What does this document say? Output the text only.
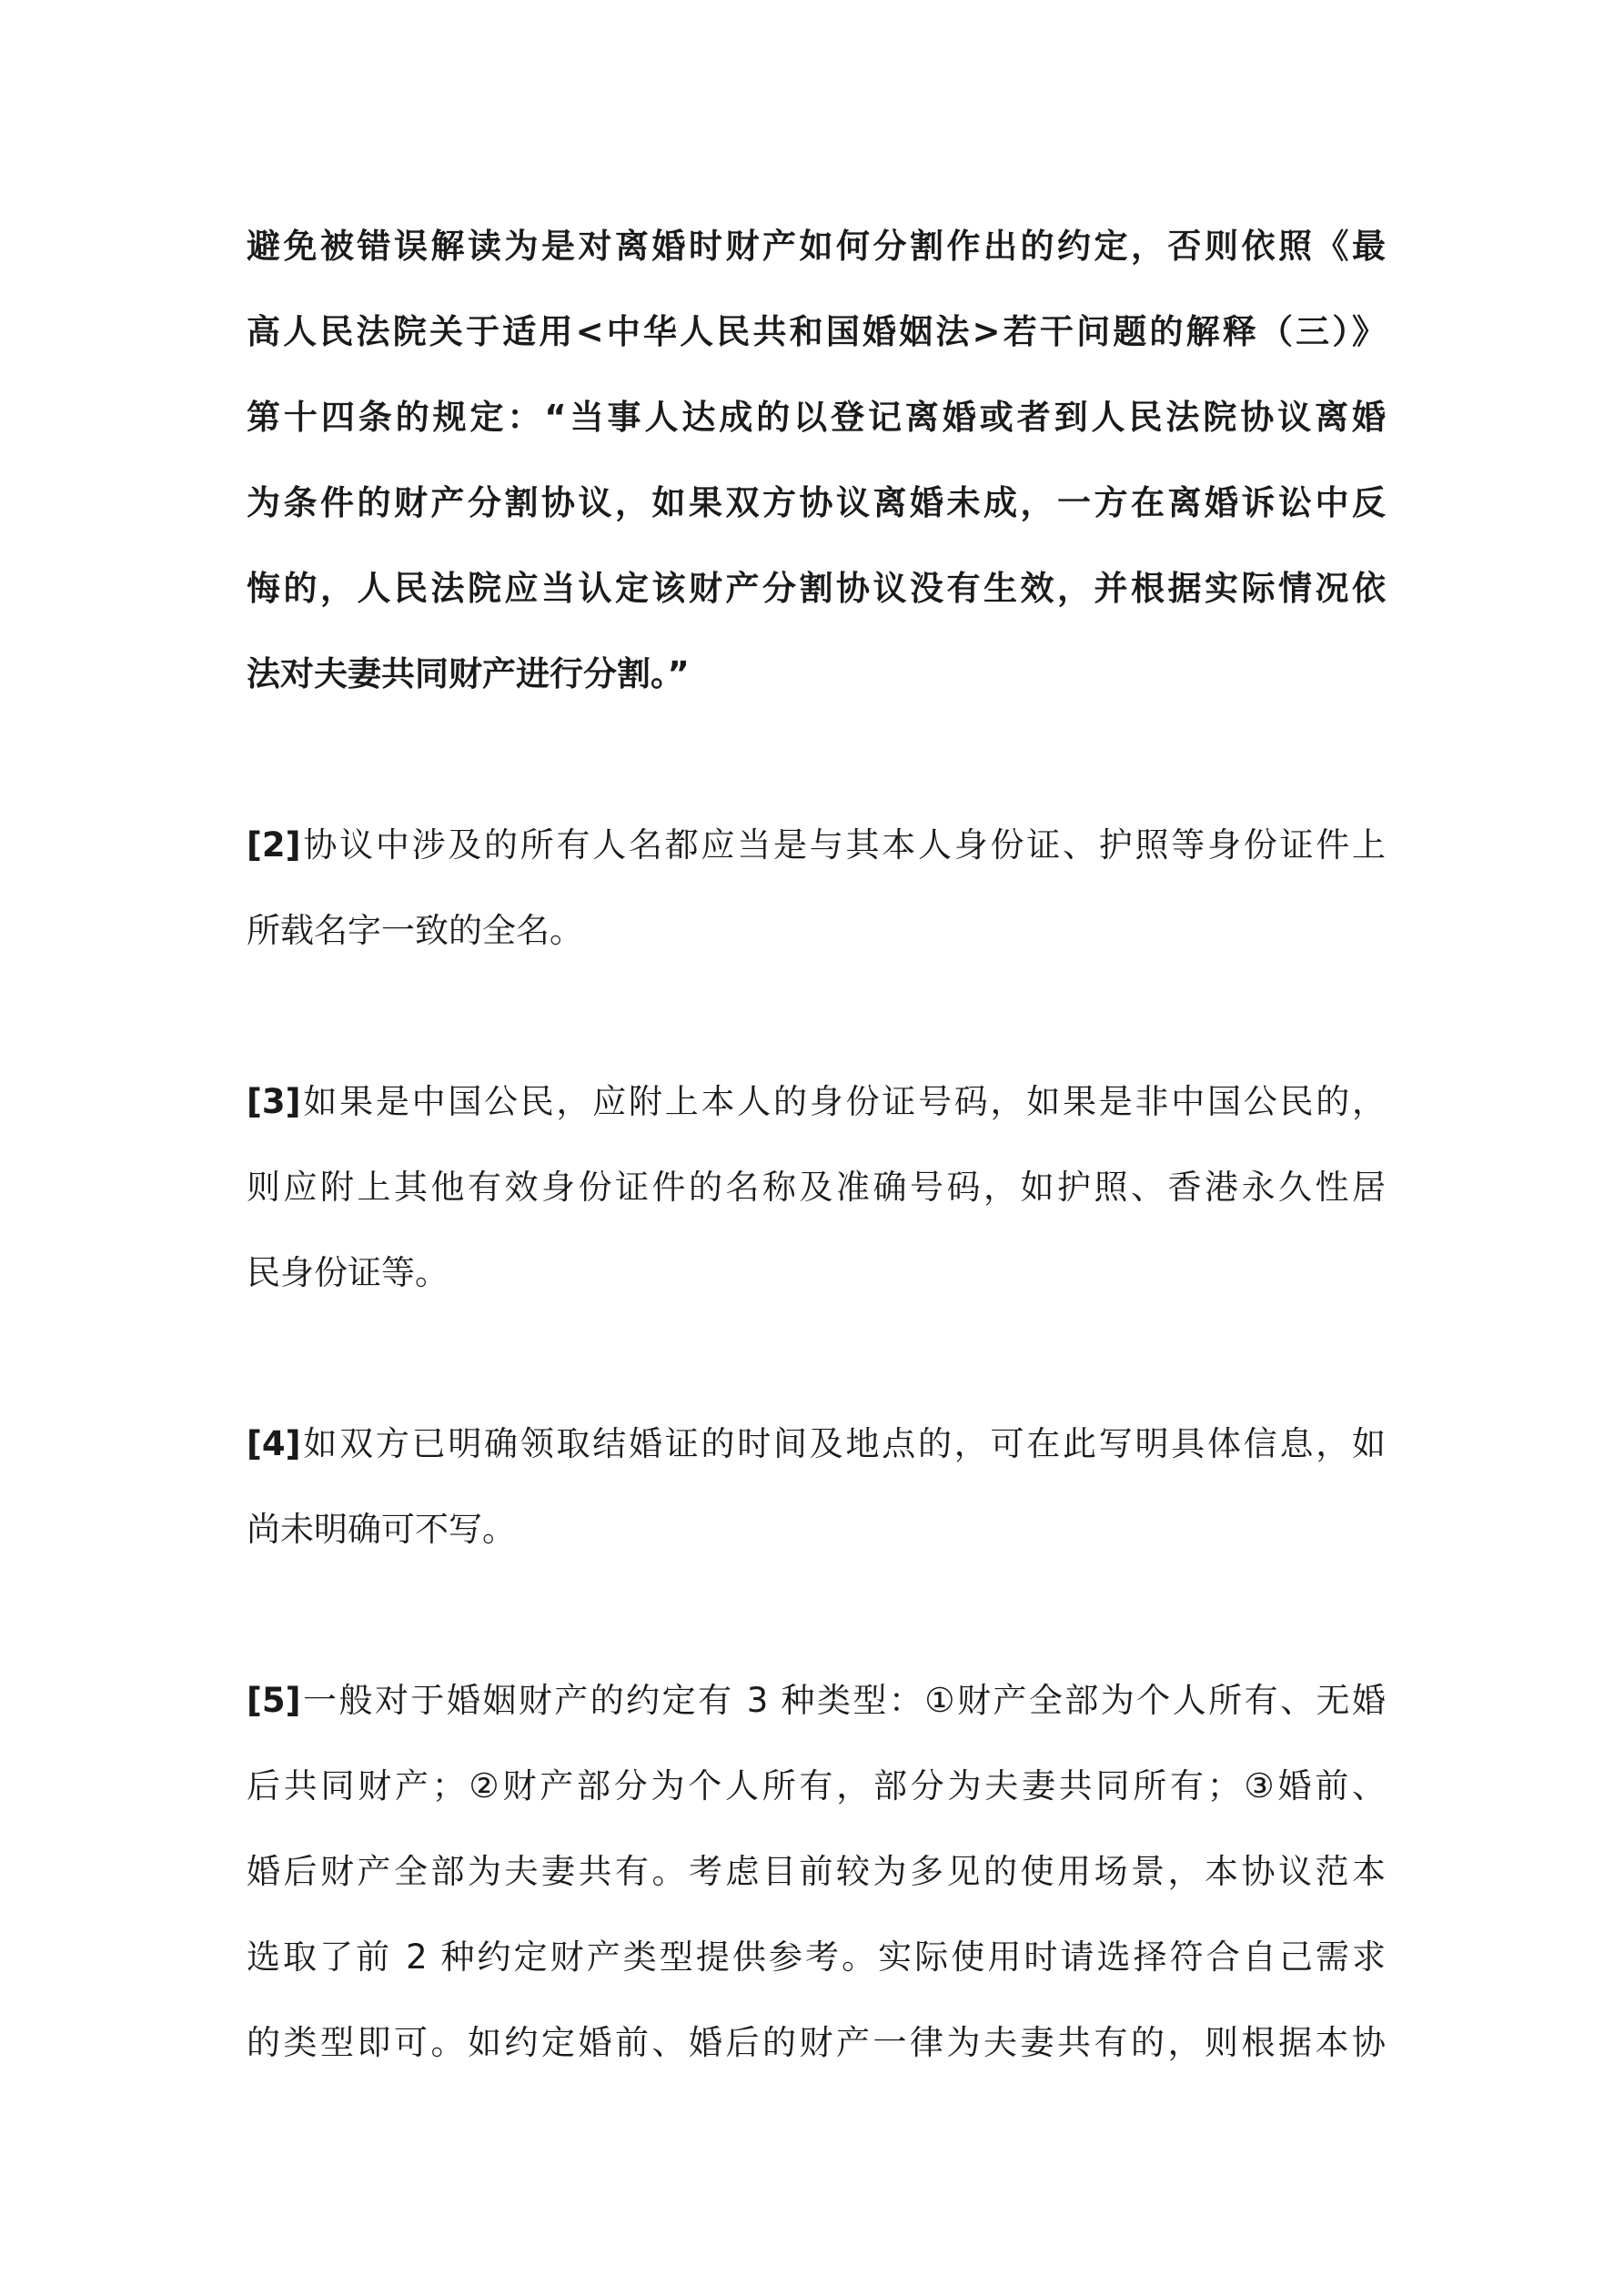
避免被错误解读为是对离婚时财产如何分割作出的约定，否则依照《最
高人民法院关于适用<中华人民共和国婚姻法>若干问题的解释（三）》
第十四条的规定：“当事人达成的以登记离婚或者到人民法院协议离婚
为条件的财产分割协议，如果双方协议离婚未成，一方在离婚诉讼中反
悔的，人民法院应当认定该财产分割协议没有生效，并根据实际情况依
法对夫妻共同财产进行分割。”
[2]协议中涉及的所有人名都应当是与其本人身份证、护照等身份证件上
所载名字一致的全名。
[3]如果是中国公民，应附上本人的身份证号码，如果是非中国公民的，
则应附上其他有效身份证件的名称及准确号码，如护照、香港永久性居
民身份证等。
[4]如双方已明确领取结婚证的时间及地点的，可在此写明具体信息，如
尚未明确可不写。
[5]一般对于婚姻财产的约定有 3 种类型：①财产全部为个人所有、无婚
后共同财产；②财产部分为个人所有，部分为夫妻共同所有；③婚前、
婚后财产全部为夫妻共有。考虑目前较为多见的使用场景，本协议范本
选取了前 2 种约定财产类型提供参考。实际使用时请选择符合自己需求
的类型即可。如约定婚前、婚后的财产一律为夫妻共有的，则根据本协
